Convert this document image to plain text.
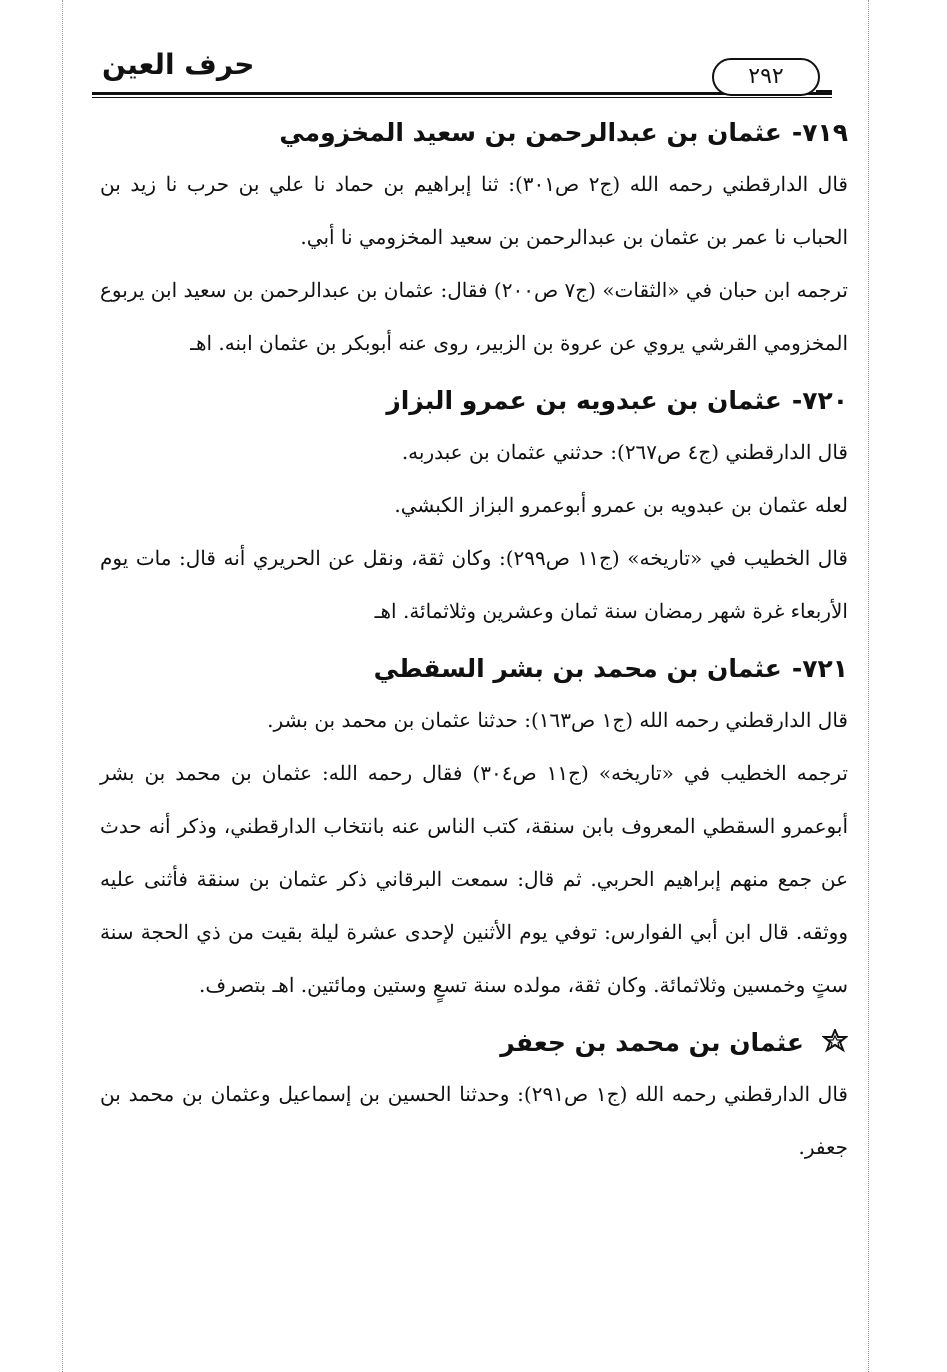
حرف العين	٢٩٢
٧١٩-عثمان بن عبدالرحمن بن سعيد المخزومي

قال الدارقطني رحمه الله (ج٢ ص٣٠١): ثنا إبراهيم بن حماد نا علي بن حرب نا زيد بن الحباب نا عمر بن عثمان بن عبدالرحمن بن سعيد المخزومي نا أبي.

ترجمه ابن حبان في «الثقات» (ج٧ ص٢٠٠) فقال: عثمان بن عبدالرحمن بن سعيد ابن يربوع المخزومي القرشي يروي عن عروة بن الزبير، روى عنه أبوبكر بن عثمان ابنه. اهـ

٧٢٠-عثمان بن عبدويه بن عمرو البزاز

قال الدارقطني (ج٤ ص٢٦٧): حدثني عثمان بن عبدربه.

لعله عثمان بن عبدويه بن عمرو أبوعمرو البزاز الكبشي.

قال الخطيب في «تاريخه» (ج١١ ص٢٩٩): وكان ثقة، ونقل عن الحريري أنه قال: مات يوم الأربعاء غرة شهر رمضان سنة ثمان وعشرين وثلاثمائة. اهـ

٧٢١-عثمان بن محمد بن بشر السقطي

قال الدارقطني رحمه الله (ج١ ص١٦٣): حدثنا عثمان بن محمد بن بشر.

ترجمه الخطيب في «تاريخه» (ج١١ ص٣٠٤) فقال رحمه الله: عثمان بن محمد بن بشر أبوعمرو السقطي المعروف بابن سنقة، كتب الناس عنه بانتخاب الدارقطني، وذكر أنه حدث عن جمع منهم إبراهيم الحربي. ثم قال: سمعت البرقاني ذكر عثمان بن سنقة فأثنى عليه ووثقه. قال ابن أبي الفوارس: توفي يوم الأثنين لإحدى عشرة ليلة بقيت من ذي الحجة سنة ستٍ وخمسين وثلاثمائة. وكان ثقة، مولده سنة تسعٍ وستين ومائتين. اهـ بتصرف.

عثمان بن محمد بن جعفر

قال الدارقطني رحمه الله (ج١ ص٢٩١): وحدثنا الحسين بن إسماعيل وعثمان بن محمد بن جعفر.
